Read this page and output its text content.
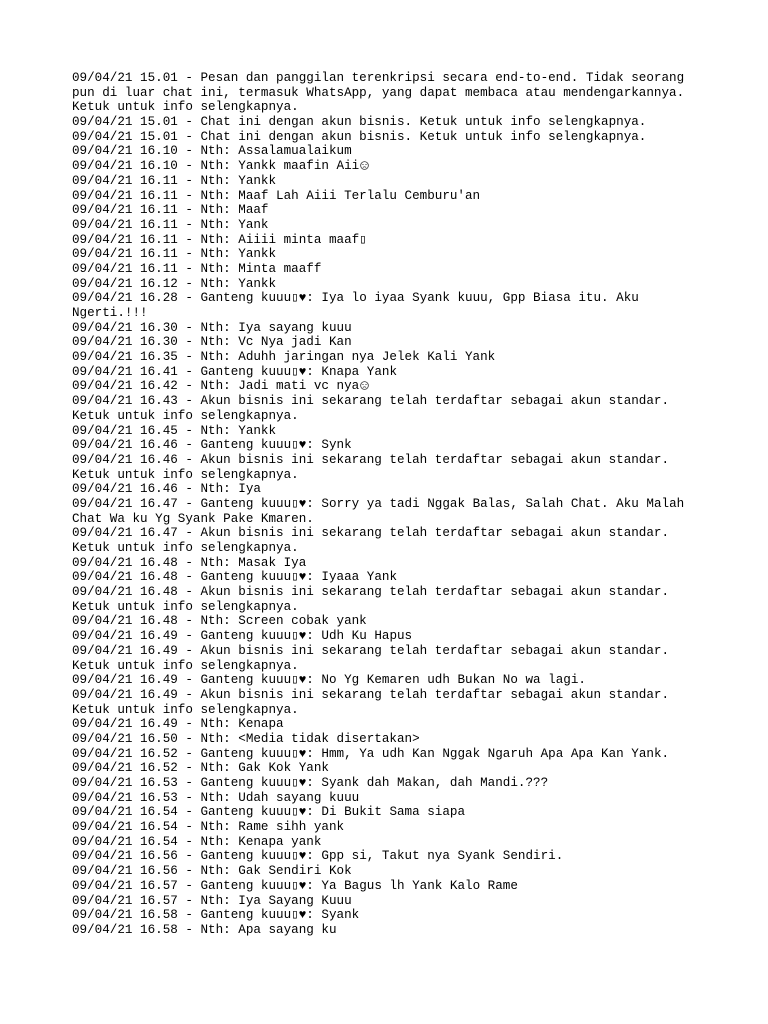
09/04/21 15.01 - Pesan dan panggilan terenkripsi secara end-to-end. Tidak seorang
pun di luar chat ini, termasuk WhatsApp, yang dapat membaca atau mendengarkannya.
Ketuk untuk info selengkapnya.
09/04/21 15.01 - Chat ini dengan akun bisnis. Ketuk untuk info selengkapnya.
09/04/21 15.01 - Chat ini dengan akun bisnis. Ketuk untuk info selengkapnya.
09/04/21 16.10 - Nth: Assalamualaikum
09/04/21 16.10 - Nth: Yankk maafin Aii
09/04/21 16.11 - Nth: Yankk
09/04/21 16.11 - Nth: Maaf Lah Aiii Terlalu Cemburu'an
09/04/21 16.11 - Nth: Maaf
09/04/21 16.11 - Nth: Yank
09/04/21 16.11 - Nth: Aiiii minta maaf▯
09/04/21 16.11 - Nth: Yankk
09/04/21 16.11 - Nth: Minta maaff
09/04/21 16.12 - Nth: Yankk
09/04/21 16.28 - Ganteng kuuu▯♥: Iya lo iyaa Syank kuuu, Gpp Biasa itu. Aku
Ngerti.!!!
09/04/21 16.30 - Nth: Iya sayang kuuu
09/04/21 16.30 - Nth: Vc Nya jadi Kan
09/04/21 16.35 - Nth: Aduhh jaringan nya Jelek Kali Yank
09/04/21 16.41 - Ganteng kuuu▯♥: Knapa Yank
09/04/21 16.42 - Nth: Jadi mati vc nya
09/04/21 16.43 - Akun bisnis ini sekarang telah terdaftar sebagai akun standar.
Ketuk untuk info selengkapnya.
09/04/21 16.45 - Nth: Yankk
09/04/21 16.46 - Ganteng kuuu▯♥: Synk
09/04/21 16.46 - Akun bisnis ini sekarang telah terdaftar sebagai akun standar.
Ketuk untuk info selengkapnya.
09/04/21 16.46 - Nth: Iya
09/04/21 16.47 - Ganteng kuuu▯♥: Sorry ya tadi Nggak Balas, Salah Chat. Aku Malah
Chat Wa ku Yg Syank Pake Kmaren.
09/04/21 16.47 - Akun bisnis ini sekarang telah terdaftar sebagai akun standar.
Ketuk untuk info selengkapnya.
09/04/21 16.48 - Nth: Masak Iya
09/04/21 16.48 - Ganteng kuuu▯♥: Iyaaa Yank
09/04/21 16.48 - Akun bisnis ini sekarang telah terdaftar sebagai akun standar.
Ketuk untuk info selengkapnya.
09/04/21 16.48 - Nth: Screen cobak yank
09/04/21 16.49 - Ganteng kuuu▯♥: Udh Ku Hapus
09/04/21 16.49 - Akun bisnis ini sekarang telah terdaftar sebagai akun standar.
Ketuk untuk info selengkapnya.
09/04/21 16.49 - Ganteng kuuu▯♥: No Yg Kemaren udh Bukan No wa lagi.
09/04/21 16.49 - Akun bisnis ini sekarang telah terdaftar sebagai akun standar.
Ketuk untuk info selengkapnya.
09/04/21 16.49 - Nth: Kenapa
09/04/21 16.50 - Nth: <Media tidak disertakan>
09/04/21 16.52 - Ganteng kuuu▯♥: Hmm, Ya udh Kan Nggak Ngaruh Apa Apa Kan Yank.
09/04/21 16.52 - Nth: Gak Kok Yank
09/04/21 16.53 - Ganteng kuuu▯♥: Syank dah Makan, dah Mandi.???
09/04/21 16.53 - Nth: Udah sayang kuuu
09/04/21 16.54 - Ganteng kuuu▯♥: Di Bukit Sama siapa
09/04/21 16.54 - Nth: Rame sihh yank
09/04/21 16.54 - Nth: Kenapa yank
09/04/21 16.56 - Ganteng kuuu▯♥: Gpp si, Takut nya Syank Sendiri.
09/04/21 16.56 - Nth: Gak Sendiri Kok
09/04/21 16.57 - Ganteng kuuu▯♥: Ya Bagus lh Yank Kalo Rame
09/04/21 16.57 - Nth: Iya Sayang Kuuu
09/04/21 16.58 - Ganteng kuuu▯♥: Syank
09/04/21 16.58 - Nth: Apa sayang ku
